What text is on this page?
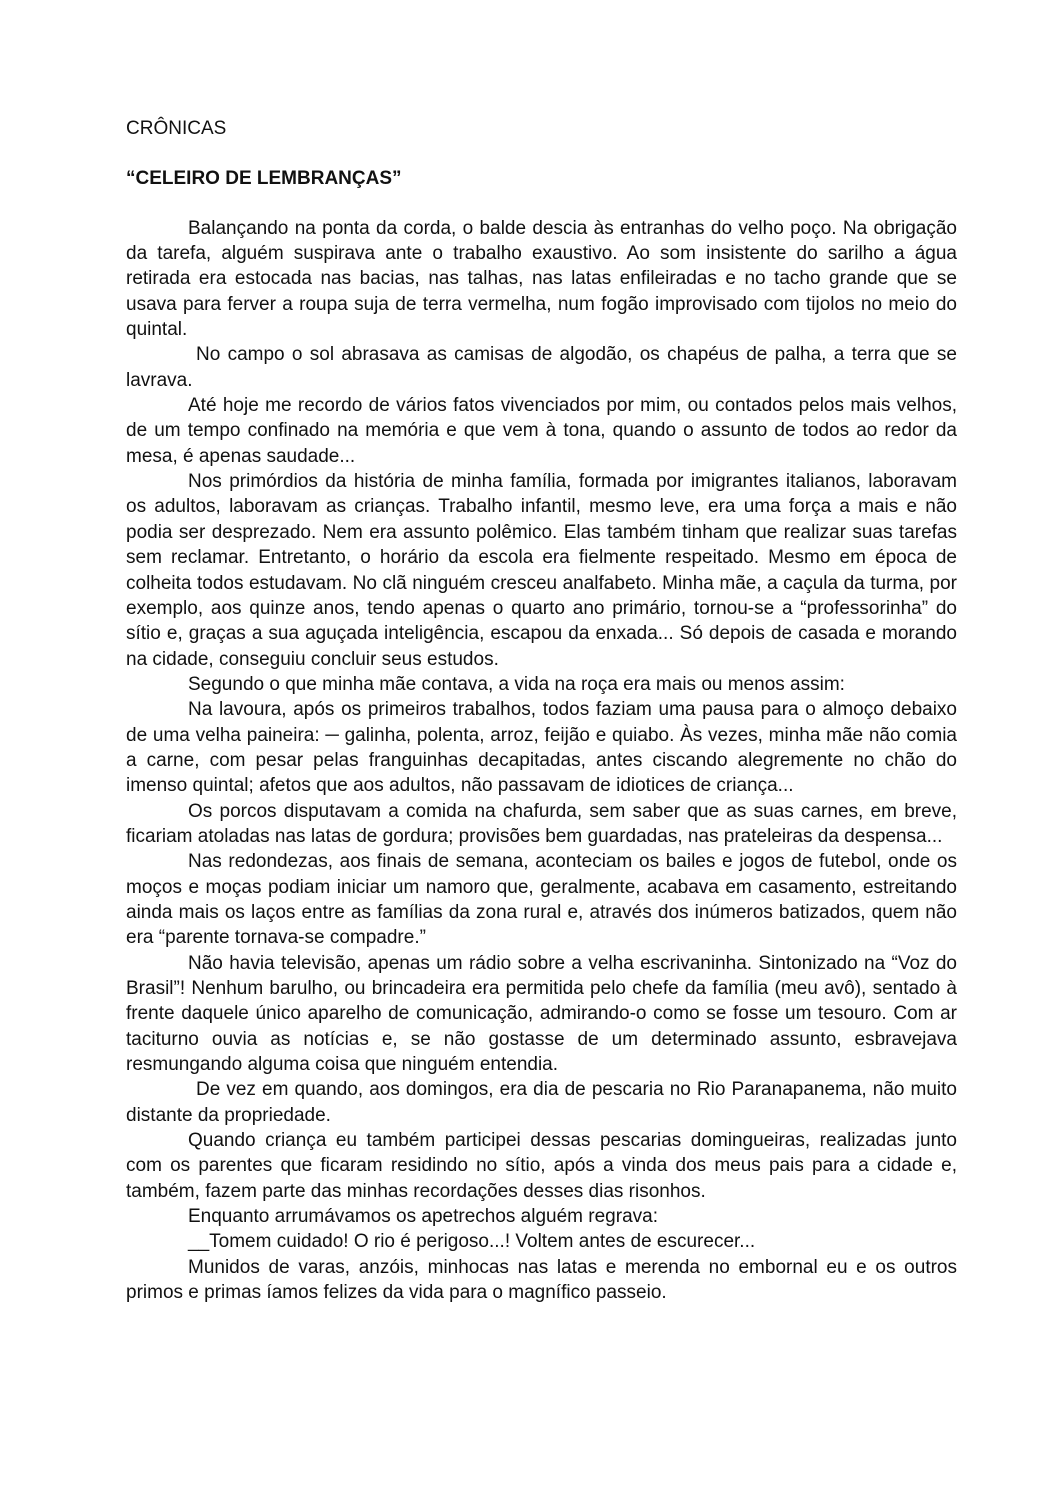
CRÔNICAS
“CELEIRO DE LEMBRANÇAS”

Balançando na ponta da corda, o balde descia às entranhas do velho poço. Na obrigação da tarefa, alguém suspirava ante o trabalho exaustivo. Ao som insistente do sarilho a água retirada era estocada nas bacias, nas talhas, nas latas enfileiradas e no tacho grande que se usava para ferver a roupa suja de terra vermelha, num fogão improvisado com tijolos no meio do quintal.

No campo o sol abrasava as camisas de algodão, os chapéus de palha, a terra que se lavrava.

Até hoje me recordo de vários fatos vivenciados por mim, ou contados pelos mais velhos, de um tempo confinado na memória e que vem à tona, quando o assunto de todos ao redor da mesa, é apenas saudade...

Nos primórdios da história de minha família, formada por imigrantes italianos, laboravam os adultos, laboravam as crianças. Trabalho infantil, mesmo leve, era uma força a mais e não podia ser desprezado. Nem era assunto polêmico. Elas também tinham que realizar suas tarefas sem reclamar. Entretanto, o horário da escola era fielmente respeitado. Mesmo em época de colheita todos estudavam. No clã ninguém cresceu analfabeto. Minha mãe, a caçula da turma, por exemplo, aos quinze anos, tendo apenas o quarto ano primário, tornou-se a “professorinha” do sítio e, graças a sua aguçada inteligência, escapou da enxada... Só depois de casada e morando na cidade, conseguiu concluir seus estudos.

Segundo o que minha mãe contava, a vida na roça era mais ou menos assim:

Na lavoura, após os primeiros trabalhos, todos faziam uma pausa para o almoço debaixo de uma velha paineira: ─ galinha, polenta, arroz, feijão e quiabo. Às vezes, minha mãe não comia a carne, com pesar pelas franguinhas decapitadas, antes ciscando alegremente no chão do imenso quintal; afetos que aos adultos, não passavam de idiotices de criança...

Os porcos disputavam a comida na chafurda, sem saber que as suas carnes, em breve, ficariam atoladas nas latas de gordura; provisões bem guardadas, nas prateleiras da despensa...

Nas redondezas, aos finais de semana, aconteciam os bailes e jogos de futebol, onde os moços e moças podiam iniciar um namoro que, geralmente, acabava em casamento, estreitando ainda mais os laços entre as famílias da zona rural e, através dos inúmeros batizados, quem não era “parente tornava-se compadre.”

Não havia televisão, apenas um rádio sobre a velha escrivaninha. Sintonizado na “Voz do Brasil”! Nenhum barulho, ou brincadeira era permitida pelo chefe da família (meu avô), sentado à frente daquele único aparelho de comunicação, admirando-o como se fosse um tesouro. Com ar taciturno ouvia as notícias e, se não gostasse de um determinado assunto, esbravejava resmungando alguma coisa que ninguém entendia.

De vez em quando, aos domingos, era dia de pescaria no Rio Paranapanema, não muito distante da propriedade.

Quando criança eu também participei dessas pescarias domingueiras, realizadas junto com os parentes que ficaram residindo no sítio, após a vinda dos meus pais para a cidade e, também, fazem parte das minhas recordações desses dias risonhos.

Enquanto arrumávamos os apetrechos alguém regrava:

__Tomem cuidado! O rio é perigoso...! Voltem antes de escurecer...

Munidos de varas, anzóis, minhocas nas latas e merenda no embornal eu e os outros primos e primas íamos felizes da vida para o magnífico passeio.
